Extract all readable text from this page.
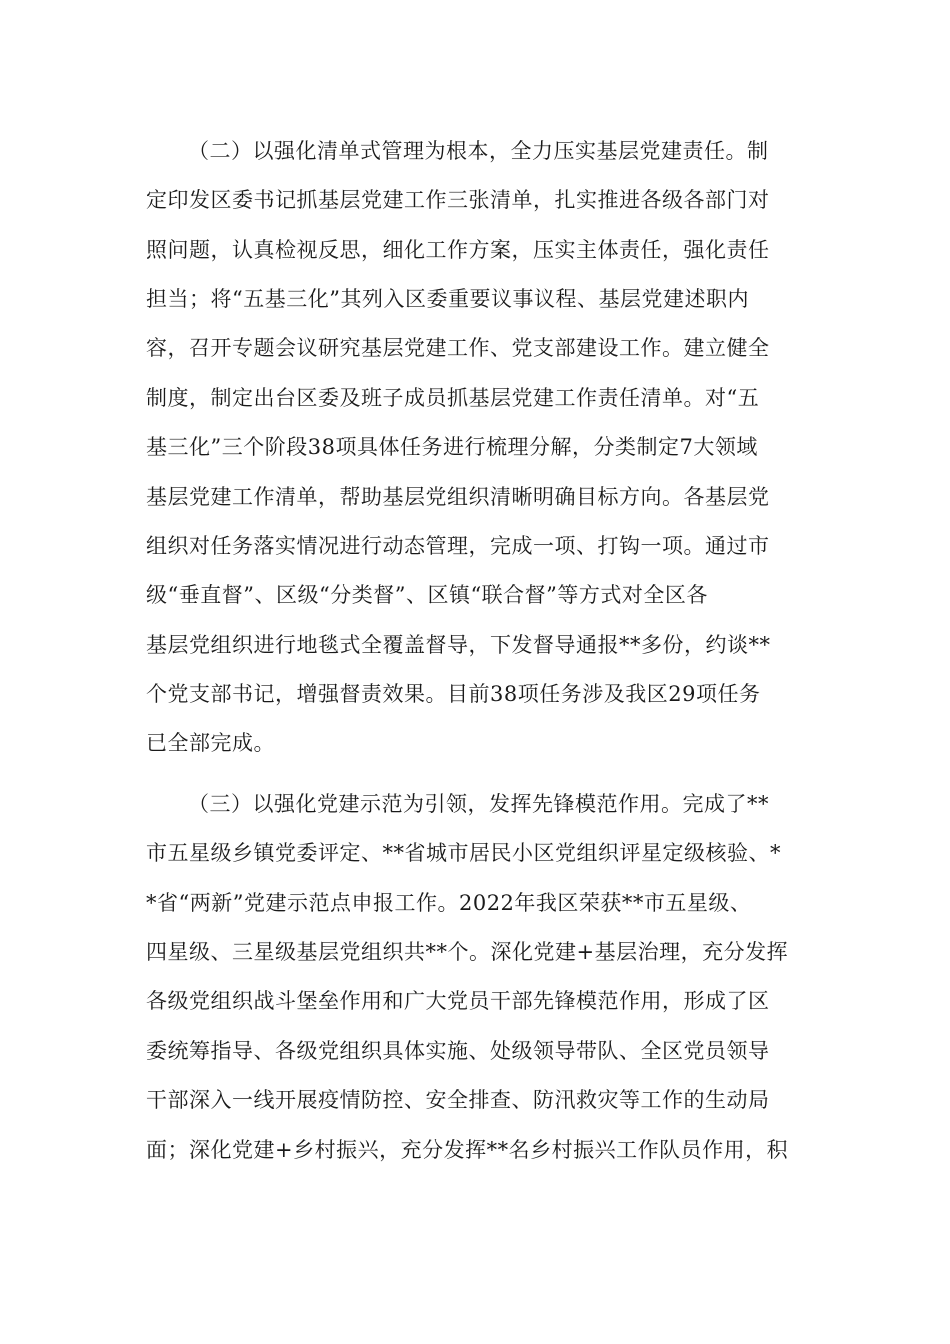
（二）以强化清单式管理为根本，全力压实基层党建责任。制
定印发区委书记抓基层党建工作三张清单，扎实推进各级各部门对
照问题，认真检视反思，细化工作方案，压实主体责任，强化责任
担当；将“五基三化”其列入区委重要议事议程、基层党建述职内
容，召开专题会议研究基层党建工作、党支部建设工作。建立健全
制度，制定出台区委及班子成员抓基层党建工作责任清单。对“五
基三化”三个阶段38项具体任务进行梳理分解，分类制定7大领域
基层党建工作清单，帮助基层党组织清晰明确目标方向。各基层党
组织对任务落实情况进行动态管理，完成一项、打钩一项。通过市
级“垂直督”、区级“分类督”、区镇“联合督”等方式对全区各
基层党组织进行地毯式全覆盖督导，下发督导通报**多份，约谈**
个党支部书记，增强督责效果。目前38项任务涉及我区29项任务
已全部完成。
（三）以强化党建示范为引领，发挥先锋模范作用。完成了**
市五星级乡镇党委评定、**省城市居民小区党组织评星定级核验、*
*省“两新”党建示范点申报工作。2022年我区荣获**市五星级、
四星级、三星级基层党组织共**个。深化党建+基层治理，充分发挥
各级党组织战斗堡垒作用和广大党员干部先锋模范作用，形成了区
委统筹指导、各级党组织具体实施、处级领导带队、全区党员领导
干部深入一线开展疫情防控、安全排查、防汛救灾等工作的生动局
面；深化党建+乡村振兴，充分发挥**名乡村振兴工作队员作用，积
